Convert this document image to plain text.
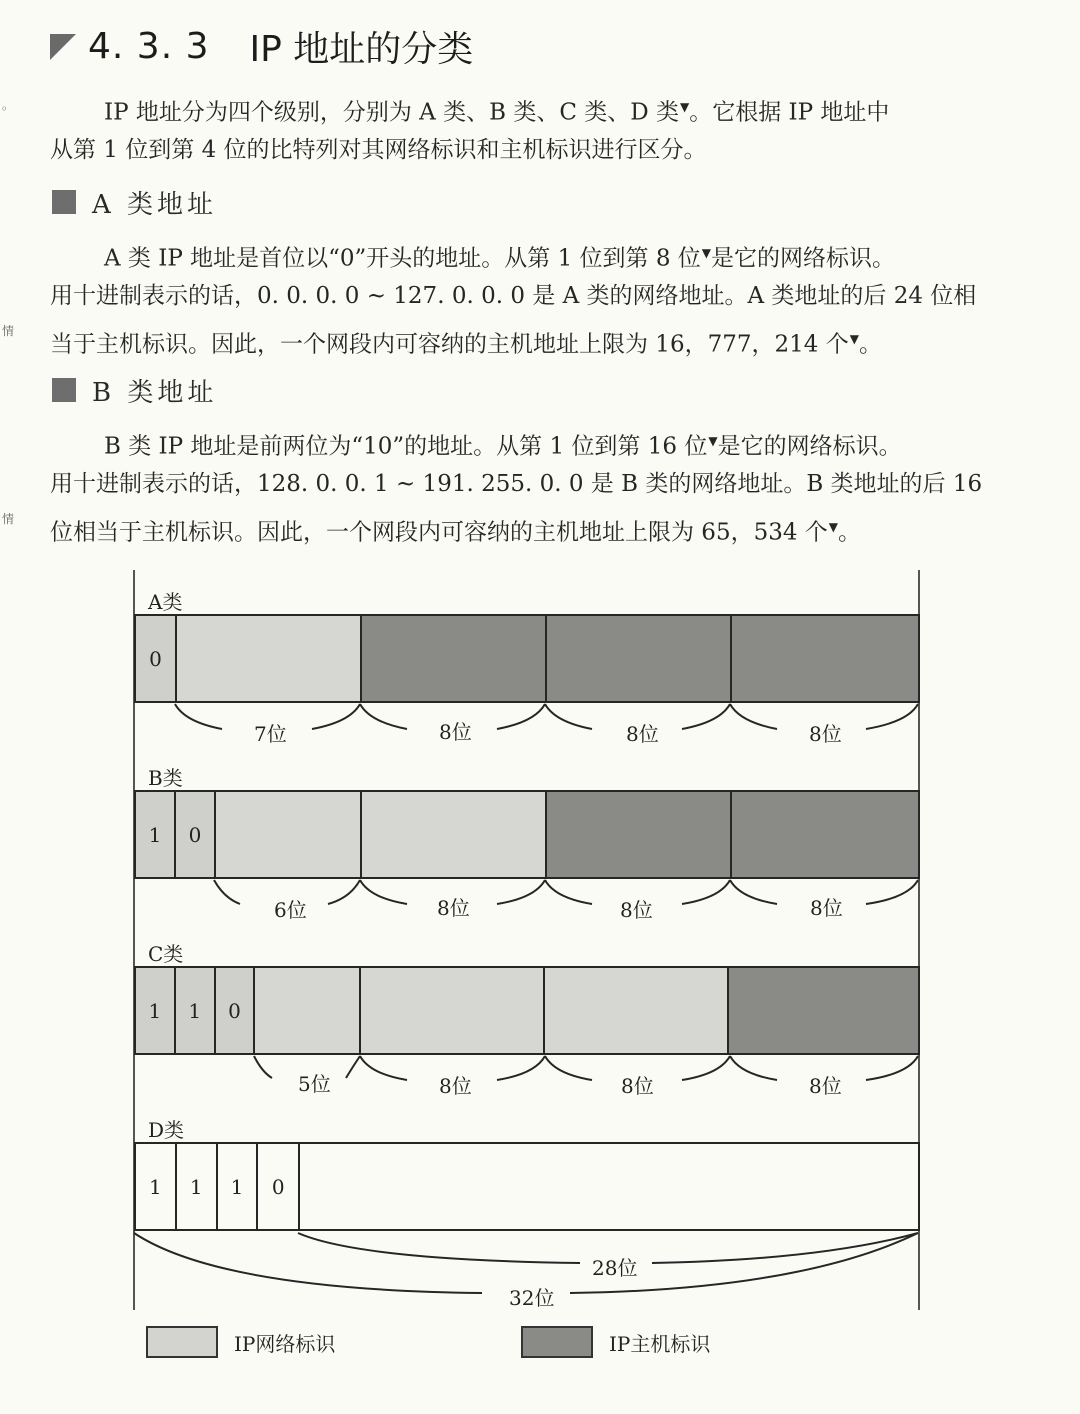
。
情
情
4. 3. 3 IP 地址的分类
IP 地址分为四个级别，分别为 A 类、B 类、C 类、D 类▼。它根据 IP 地址中
从第 1 位到第 4 位的比特列对其网络标识和主机标识进行区分。
A 类地址
A 类 IP 地址是首位以“0”开头的地址。从第 1 位到第 8 位▼是它的网络标识。
用十进制表示的话，0. 0. 0. 0 ~ 127. 0. 0. 0 是 A 类的网络地址。A 类地址的后 24 位相
当于主机标识。因此，一个网段内可容纳的主机地址上限为 16，777，214 个▼。
B 类地址
B 类 IP 地址是前两位为“10”的地址。从第 1 位到第 16 位▼是它的网络标识。
用十进制表示的话，128. 0. 0. 1 ~ 191. 255. 0. 0 是 B 类的网络地址。B 类地址的后 16
位相当于主机标识。因此，一个网段内可容纳的主机地址上限为 65，534 个▼。
A类
0
7位	8位	8位	8位
B类
1	0
6位	8位	8位	8位
C类
1	1	0
5位	8位	8位	8位
D类
1	1	1	0
28位
32位
IP网络标识	IP主机标识
